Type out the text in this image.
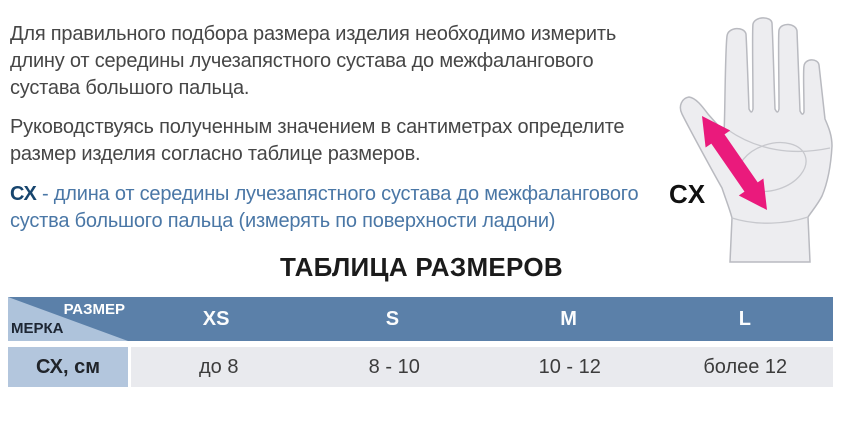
Для правильного подбора размера изделия необходимо измерить
длину от середины лучезапястного сустава до межфалангового
сустава большого пальца.
Руководствуясь полученным значением в сантиметрах определите
размер изделия согласно таблице размеров.
СХ - длина от середины лучезапястного сустава до межфалангового
суства большого пальца (измерять по поверхности ладони)
СХ
ТАБЛИЦА РАЗМЕРОВ
РАЗМЕР
МЕРКА	XS	S	M	L
СХ, см	до 8	8 - 10	10 - 12	более 12
